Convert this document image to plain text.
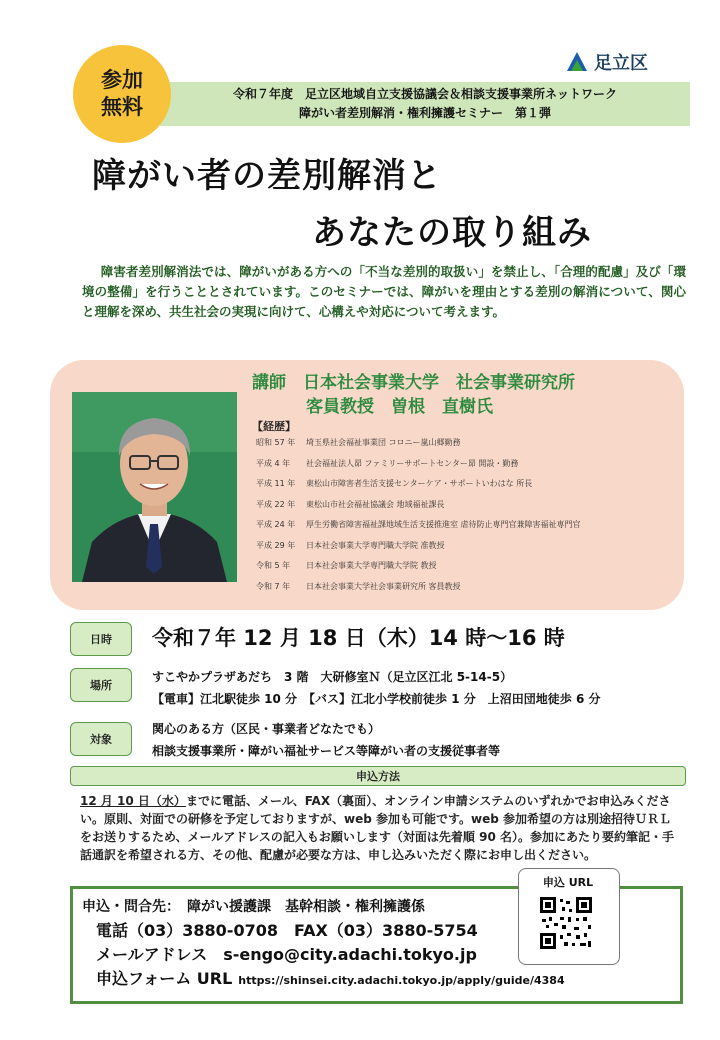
足立区
令和７年度　足立区地域自立支援協議会＆相談支援事業所ネットワーク
障がい者差別解消・権利擁護セミナー　第１弾
参加
無料
障がい者の差別解消と
あなたの取り組み
障害者差別解消法では、障がいがある方への「不当な差別的取扱い」を禁止し、「合理的配慮」及び「環境の整備」を行うこととされています。このセミナーでは、障がいを理由とする差別の解消について、関心と理解を深め、共生社会の実現に向けて、心構えや対応について考えます。
講師　日本社会事業大学　社会事業研究所
客員教授　曽根　直樹氏
【経歴】
昭和 57 年	埼玉県社会福祉事業団 コロニー嵐山郷勤務
平成 4 年	社会福祉法人昴 ファミリーサポートセンター昴 開設・勤務
平成 11 年	東松山市障害者生活支援センターケア・サポートいわはな 所長
平成 22 年	東松山市社会福祉協議会 地域福祉課長
平成 24 年	厚生労働省障害福祉課地域生活支援推進室 虐待防止専門官兼障害福祉専門官
平成 29 年	日本社会事業大学専門職大学院 准教授
令和 5 年	日本社会事業大学専門職大学院 教授
令和 7 年	日本社会事業大学社会事業研究所 客員教授
日時	令和７年 12 月 18 日（木）14 時～16 時
場所
すこやかプラザあだち　3 階　大研修室Ｎ（足立区江北 5-14-5）
【電車】江北駅徒歩 10 分　【バス】江北小学校前徒歩 1 分　上沼田団地徒歩 6 分
対象
関心のある方（区民・事業者どなたでも）
相談支援事業所・障がい福祉サービス等障がい者の支援従事者等
申込方法
12 月 10 日（水）までに電話、メール、FAX（裏面）、オンライン申請システムのいずれかでお申込みください。原則、対面での研修を予定しておりますが、web 参加も可能です。web 参加希望の方は別途招待ＵＲＬをお送りするため、メールアドレスの記入もお願いします（対面は先着順 90 名）。参加にあたり要約筆記・手話通訳を希望される方、その他、配慮が必要な方は、申し込みいただく際にお申し出ください。
申込・問合先：　障がい援護課　基幹相談・権利擁護係
電話（03）3880-0708　FAX（03）3880-5754
メールアドレス　s-engo@city.adachi.tokyo.jp
申込フォーム URL https://shinsei.city.adachi.tokyo.jp/apply/guide/4384
申込 URL
